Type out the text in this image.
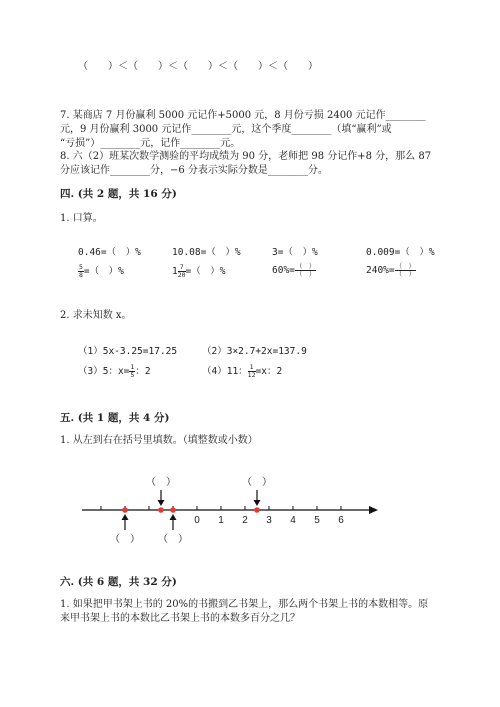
（　　）＜（　　）＜（　　）＜（　　）＜（　　）
7. 某商店 7 月份赢利 5000 元记作+5000 元，8 月份亏损 2400 元记作________
元，9 月份赢利 3000 元记作________元，这个季度________（填“赢利”或
“亏损”）________元，记作________元。
8. 六（2）班某次数学测验的平均成绩为 90 分，老师把 98 分记作+8 分，那么 87
分应该记作________分，−6 分表示实际分数是________分。
四. (共 2 题，共 16 分)
1. 口算。
0.46=（　）%	10.08=（　）%	3=（　）%	0.009=（　）%
$\frac{5}{8}$ =（　）%	$1 \frac{7}{20}$ =（　）%	$60\%= \frac{( )}{( )}$	$240\%= \frac{( )}{( )}$
2. 求未知数 x。
（1）5x-3.25=17.25	（2）3×2.7+2x=137.9
（3）5：$x= \frac{1}{5}$ ：2	（4）11： $\frac{1}{12} =x$：2
五. (共 1 题，共 4 分)
1. 从左到右在括号里填数。（填整数或小数）
0 1 2 3 4 5 6
（　）
（　）
（　）
（　）
六. (共 6 题，共 32 分)
1. 如果把甲书架上书的 20%的书搬到乙书架上，那么两个书架上书的本数相等。原
来甲书架上书的本数比乙书架上书的本数多百分之几？
